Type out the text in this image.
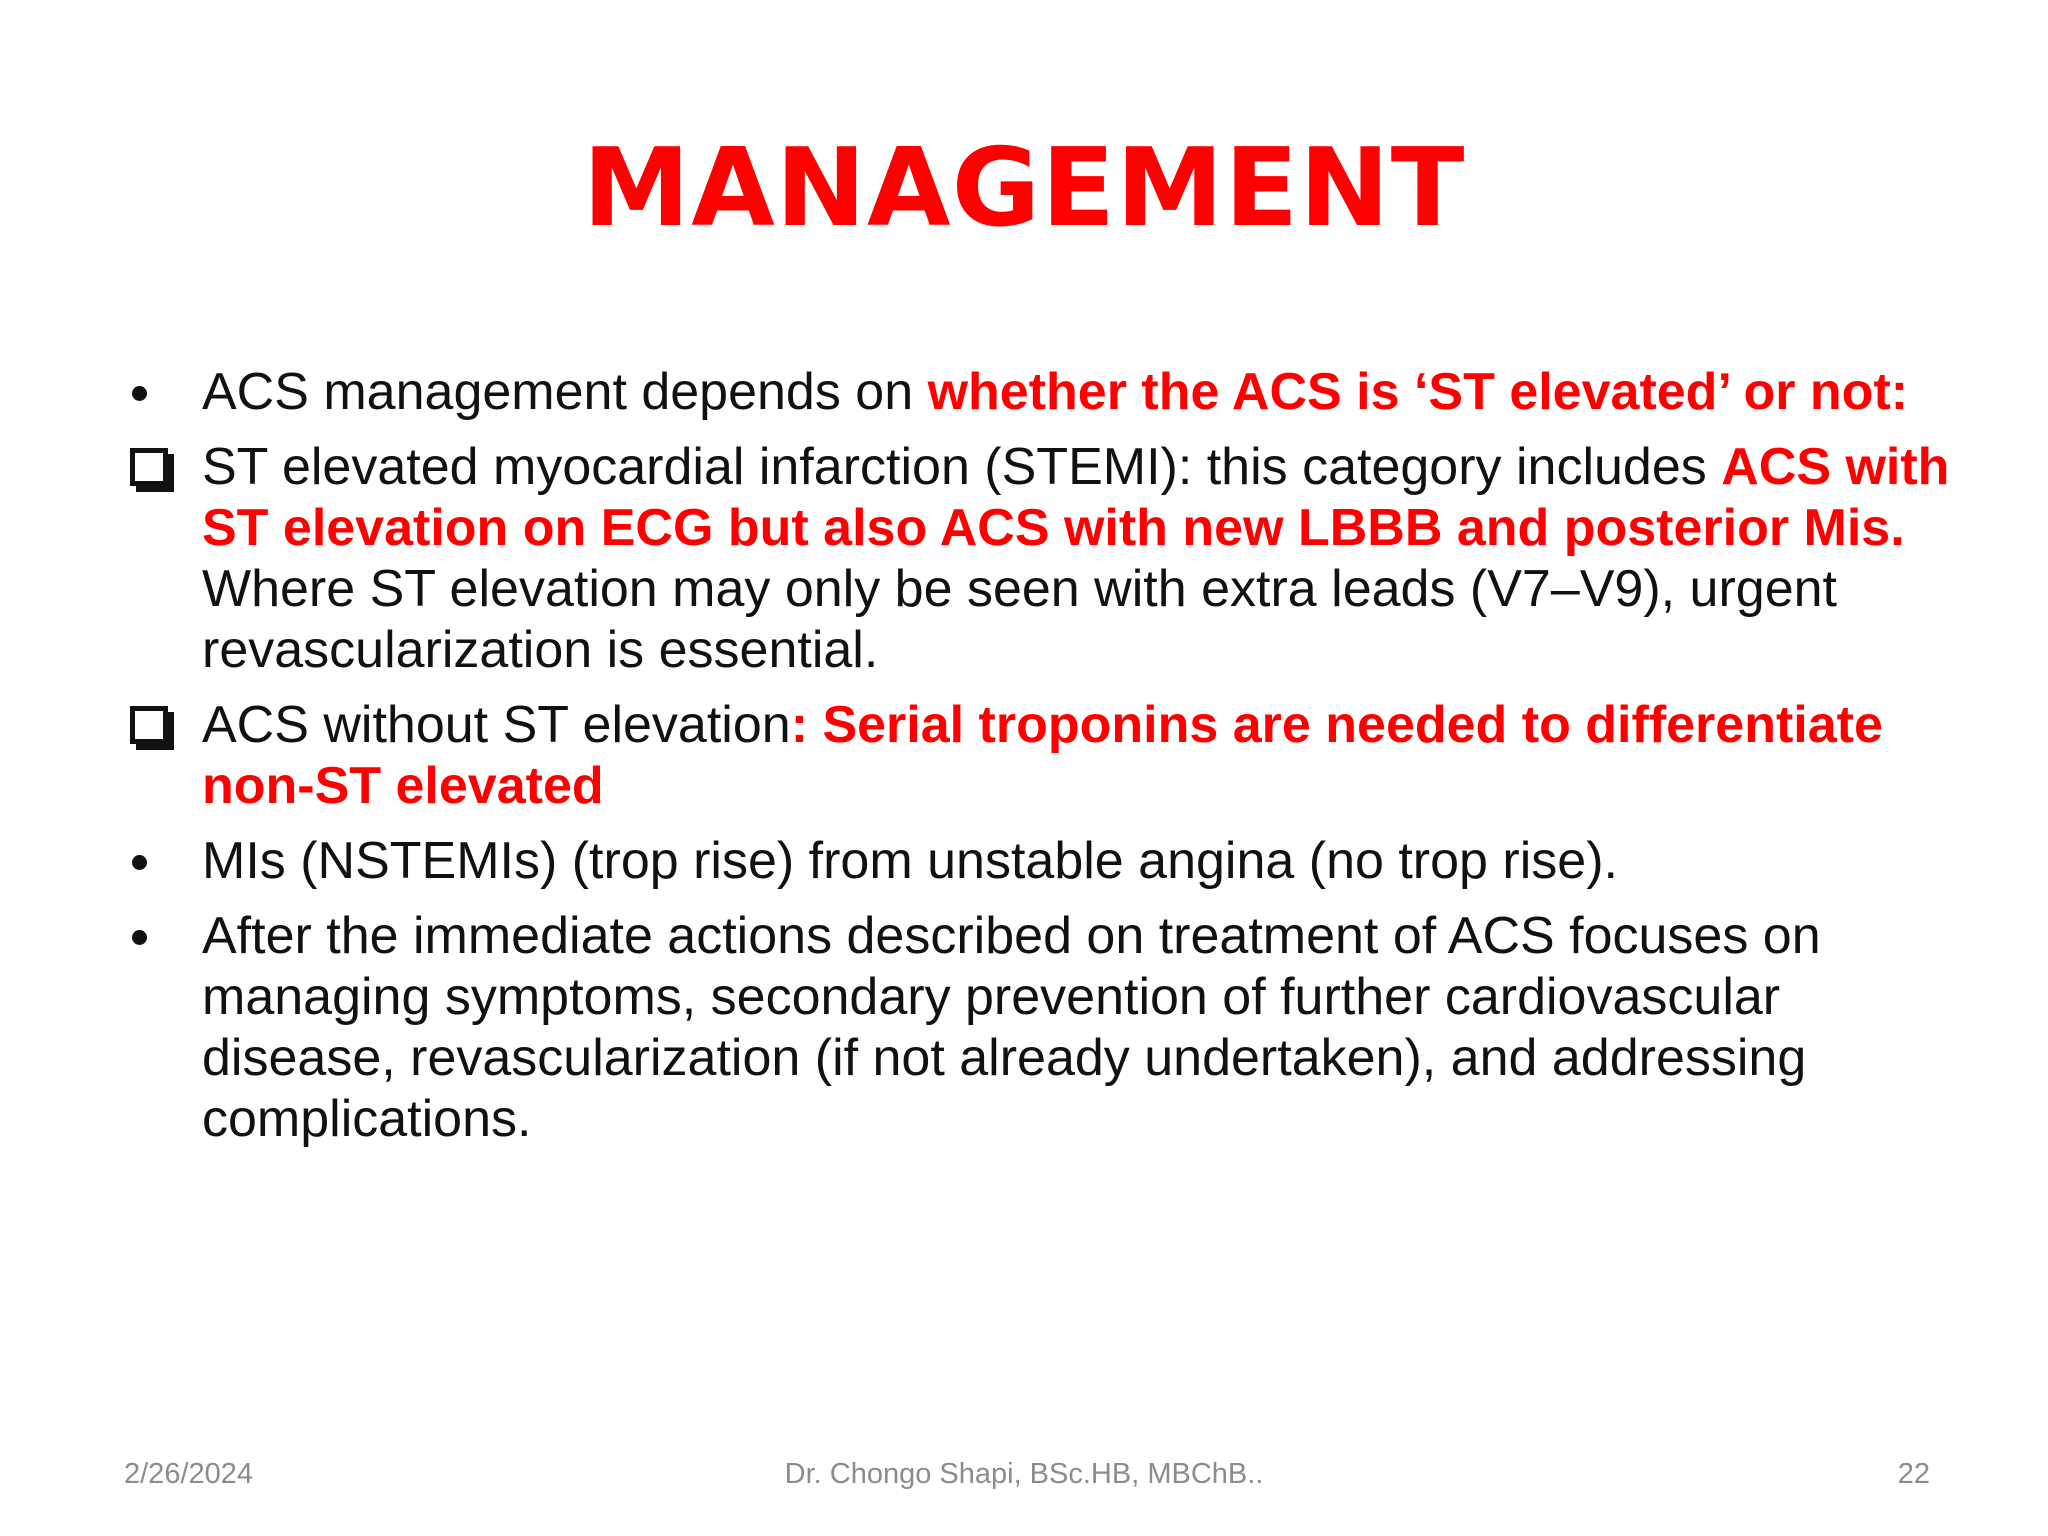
MANAGEMENT
ACS management depends on whether the ACS is ‘ST elevated’ or not:
ST elevated myocardial infarction (STEMI): this category includes ACS with ST elevation on ECG but also ACS with new LBBB and posterior Mis. Where ST elevation may only be seen with extra leads (V7–V9), urgent revascularization is essential.
ACS without ST elevation: Serial troponins are needed to differentiate non-ST elevated
MIs (NSTEMIs) (trop rise) from unstable angina (no trop rise).
After the immediate actions described on treatment of ACS focuses on managing symptoms, secondary prevention of further cardiovascular disease, revascularization (if not already undertaken), and addressing complications.
2/26/2024	Dr. Chongo Shapi, BSc.HB, MBChB..	22
